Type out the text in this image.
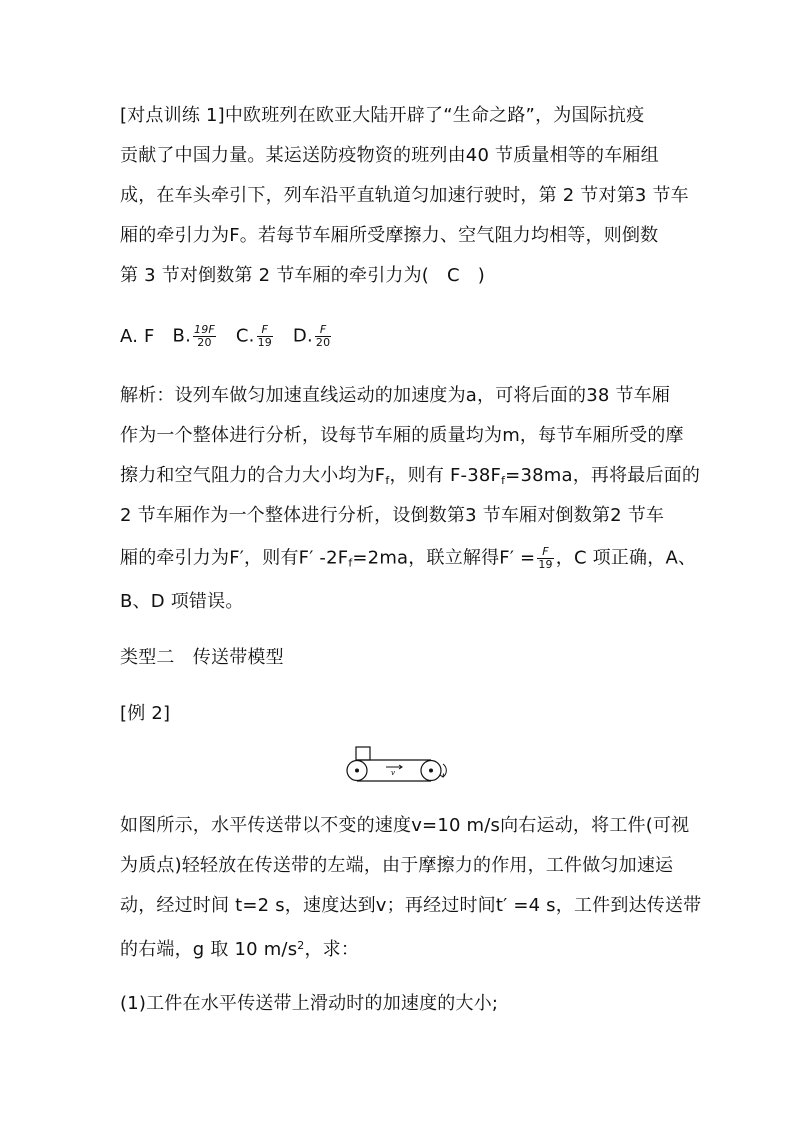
[对点训练 1]中欧班列在欧亚大陆开辟了“生命之路”，为国际抗疫
贡献了中国力量。某运送防疫物资的班列由40 节质量相等的车厢组
成，在车头牵引下，列车沿平直轨道匀加速行驶时，第 2 节对第3 节车
厢的牵引力为F。若每节车厢所受摩擦力、空气阻力均相等，则倒数
第 3 节对倒数第 2 节车厢的牵引力为( C )
A. F B. $\frac{19F}{20} C$. $\frac{F}{19} D$. $\frac{F}{20}$
解析：设列车做匀加速直线运动的加速度为a，可将后面的38 节车厢
作为一个整体进行分析，设每节车厢的质量均为m，每节车厢所受的摩
擦力和空气阻力的合力大小均为$F_f$，则有 $F-38F_f=38ma$，再将最后面的
2 节车厢作为一个整体进行分析，设倒数第3 节车厢对倒数第2 节车
厢的牵引力为F′，则有F′ $-2F_f=2ma$，联立解得$F' = \frac{F}{19}$ ，C 项正确，A、
B、D 项错误。
类型二　传送带模型
[例 2]
v
如图所示，水平传送带以不变的速度v=10 m/s向右运动，将工件(可视
为质点)轻轻放在传送带的左端，由于摩擦力的作用，工件做匀加速运
动，经过时间 t=2 s，速度达到v；再经过时间t′ =4 s，工件到达传送带
的右端，g 取 10 $m/s^2$，求：
(1)工件在水平传送带上滑动时的加速度的大小;
